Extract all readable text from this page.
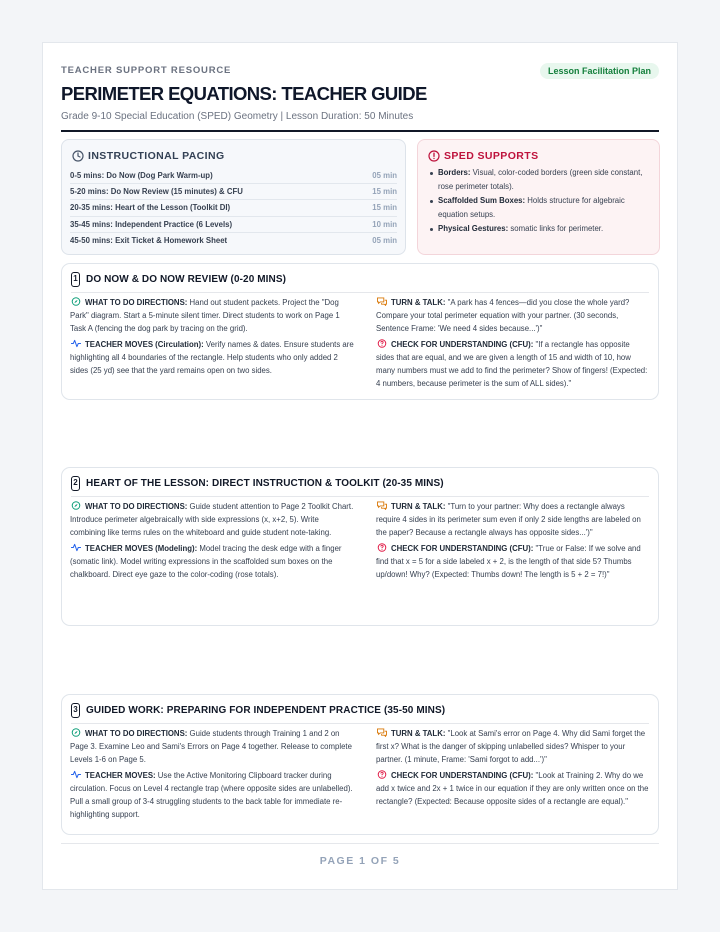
TEACHER SUPPORT RESOURCE	Lesson Facilitation Plan
PERIMETER EQUATIONS: TEACHER GUIDE
Grade 9-10 Special Education (SPED) Geometry | Lesson Duration: 50 Minutes
INSTRUCTIONAL PACING
0-5 mins: Do Now (Dog Park Warm-up)	05 min
5-20 mins: Do Now Review (15 minutes) & CFU	15 min
20-35 mins: Heart of the Lesson (Toolkit DI)	15 min
35-45 mins: Independent Practice (6 Levels)	10 min
45-50 mins: Exit Ticket & Homework Sheet	05 min
SPED SUPPORTS
Borders: Visual, color-coded borders (green side constant, rose perimeter totals).
Scaffolded Sum Boxes: Holds structure for algebraic equation setups.
Physical Gestures: somatic links for perimeter.
1 DO NOW & DO NOW REVIEW (0-20 MINS)

WHAT TO DO DIRECTIONS: Hand out student packets. Project the "Dog Park" diagram. Start a 5-minute silent timer. Direct students to work on Page 1 Task A (fencing the dog park by tracing on the grid).

TEACHER MOVES (Circulation): Verify names & dates. Ensure students are highlighting all 4 boundaries of the rectangle. Help students who only added 2 sides (25 yd) see that the yard remains open on two sides.

TURN & TALK: "A park has 4 fences—did you close the whole yard? Compare your total perimeter equation with your partner. (30 seconds, Sentence Frame: 'We need 4 sides because...')"

CHECK FOR UNDERSTANDING (CFU): "If a rectangle has opposite sides that are equal, and we are given a length of 15 and width of 10, how many numbers must we add to find the perimeter? Show of fingers! (Expected: 4 numbers, because perimeter is the sum of ALL sides)."

2 HEART OF THE LESSON: DIRECT INSTRUCTION & TOOLKIT (20-35 MINS)

WHAT TO DO DIRECTIONS: Guide student attention to Page 2 Toolkit Chart. Introduce perimeter algebraically with side expressions (x, x+2, 5). Write combining like terms rules on the whiteboard and guide student note-taking.

TEACHER MOVES (Modeling): Model tracing the desk edge with a finger (somatic link). Model writing expressions in the scaffolded sum boxes on the chalkboard. Direct eye gaze to the color-coding (rose totals).

TURN & TALK: "Turn to your partner: Why does a rectangle always require 4 sides in its perimeter sum even if only 2 side lengths are labeled on the paper? Because a rectangle always has opposite sides...')"

CHECK FOR UNDERSTANDING (CFU): "True or False: If we solve and find that x = 5 for a side labeled x + 2, is the length of that side 5? Thumbs up/down! Why? (Expected: Thumbs down! The length is 5 + 2 = 7!)"

3 GUIDED WORK: PREPARING FOR INDEPENDENT PRACTICE (35-50 MINS)

WHAT TO DO DIRECTIONS: Guide students through Training 1 and 2 on Page 3. Examine Leo and Sami's Errors on Page 4 together. Release to complete Levels 1-6 on Page 5.

TEACHER MOVES: Use the Active Monitoring Clipboard tracker during circulation. Focus on Level 4 rectangle trap (where opposite sides are unlabelled). Pull a small group of 3-4 struggling students to the back table for immediate re-highlighting support.

TURN & TALK: "Look at Sami's error on Page 4. Why did Sami forget the first x? What is the danger of skipping unlabelled sides? Whisper to your partner. (1 minute, Frame: 'Sami forgot to add...')"

CHECK FOR UNDERSTANDING (CFU): "Look at Training 2. Why do we add x twice and 2x + 1 twice in our equation if they are only written once on the rectangle? (Expected: Because opposite sides of a rectangle are equal)."

PAGE 1 OF 5
